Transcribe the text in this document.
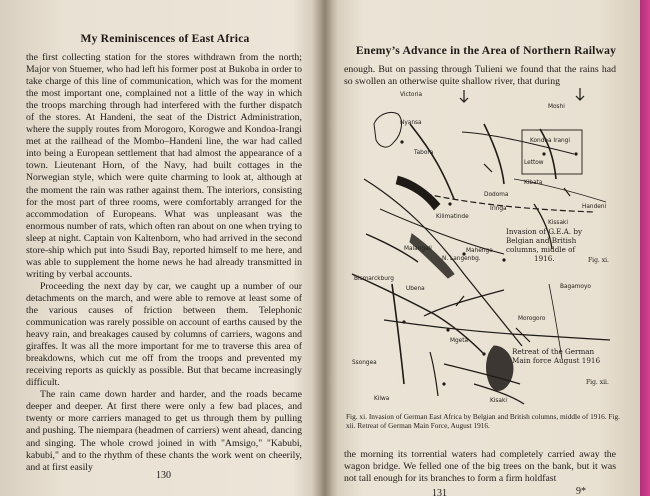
My Reminiscences of East Africa

the first collecting station for the stores withdrawn from the north; Major von Stuemer, who had left his former post at Bukoba in order to take charge of this line of communication, which was for the moment the most important one, complained not a little of the way in which the troops marching through had interfered with the further dispatch of the stores. At Handeni, the seat of the District Administration, where the supply routes from Morogoro, Korogwe and Kondoa-Irangi met at the railhead of the Mombo–Handeni line, the war had called into being a European settlement that had almost the appearance of a town. Lieutenant Horn, of the Navy, had built cottages in the Norwegian style, which were quite charming to look at, although at the moment the rain was rather against them. The interiors, consisting for the most part of three rooms, were comfortably arranged for the accommodation of Europeans. What was unpleasant was the enormous number of rats, which often ran about on one when trying to sleep at night. Captain von Kaltenborn, who had arrived in the second store-ship which put into Ssudi Bay, reported himself to me here, and was able to supplement the home news he had already transmitted in writing by verbal accounts.

Proceeding the next day by car, we caught up a number of our detachments on the march, and were able to remove at least some of the various causes of friction between them. Telephonic communication was rarely possible on account of earths caused by the heavy rain, and breakages caused by columns of carriers, wagons and giraffes. It was all the more important for me to traverse this area of breakdowns, which cut me off from the troops and prevented my receiving reports as quickly as possible. But that became increasingly difficult.

The rain came down harder and harder, and the roads became deeper and deeper. At first there were only a few bad places, and twenty or more carriers managed to get us through them by pulling and pushing. The niempara (headmen of carriers) went ahead, dancing and singing. The whole crowd joined in with "Amsigo," "Kabubi, kabubi," and to the rhythm of these chants the work went on cheerily, and at first easily

130
Enemy’s Advance in the Area of Northern Railway
enough. But on passing through Tulieni we found that the rains had so swollen an otherwise quite shallow river, that during
Victoria
Nyansa
Moshi
Kondoa Irangi
Lettow
Kibata
Tabora
Dodoma
Kilimatinde
Iringa	Handeni
Kissaki
Mahenge
Malangali
Bismarckburg
N. Langenbg.
Bagamoyo
Morogoro
Mgeta
Kisaki
Ubena
Ssongea
Kilwa
Invasion of G.E.A. by
Belgian and British
columns, middle of
1916.	Fig. xi.
Retreat of the German
Main force August 1916
Fig. xii.
Fig. xi. Invasion of German East Africa by Belgian and British columns, middle of 1916. Fig. xii. Retreat of German Main Force, August 1916.
the morning its torrential waters had completely carried away the wagon bridge. We felled one of the big trees on the bank, but it was not tall enough for its branches to form a firm holdfast
131	9*
